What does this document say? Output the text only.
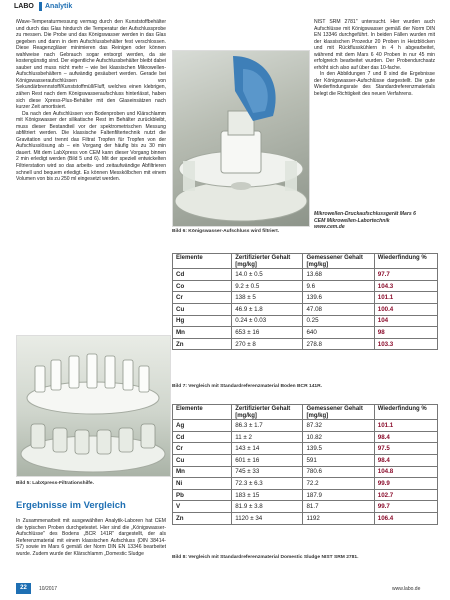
LABO Analytik

iWave-Temperaturmessung vermag durch den Kunststoffbehälter und durch das Glas hindurch die Temperatur der Aufschlussprobe zu messen. Die Probe und das Königswasser werden in das Glas gegeben und dann in dem Aufschlussbehälter fest verschlossen. Diese Reagenzgläser minimieren das Reinigen oder können wahlweise nach Gebrauch sogar entsorgt werden, da sie kostengünstig sind. Der eigentliche Aufschlussbehälter bleibt dabei sauber und muss nicht mehr – wie bei klassischen Mikrowellen-Aufschlussbehältern – aufwändig gesäubert werden. Gerade bei Königswasseraufschlüssen von Sekundärbrennstoff/Kunststoffmüll/Fluff, welches einen klebrigen, zähen Rest nach dem Königswasseraufschluss hinterlässt, haben sich diese Xpress-Plus-Behälter mit den Glaseinsätzen nach kurzer Zeit amortisiert.

Da nach den Aufschlüssen von Bodenproben und Klärschlamm mit Königswasser der silikatische Rest im Behälter zurückbleibt, muss dieser Bestandteil vor der spektrometrischen Messung abfiltriert werden. Die klassische Faltenfiltertechnik nutzt die Gravitation und trennt das Filtrat Tropfen für Tropfen von der Aufschlusslösung ab – ein Vorgang der häufig bis zu 30 min dauert. Mit dem LabXpress von CEM kann dieser Vorgang binnen 2 min erledigt werden (Bild 5 und 6). Mit der speziell entwickelten Filtrierstation wird so das arbeits- und zeitaufwändige Abfiltrieren schnell und bequem erledigt. Es können Messkölbchen mit einem Volumen von bis zu 250 ml eingesetzt werden.

Bild 6: Königswasser-Aufschluss wird filtriert.

NIST SRM 2781" untersucht. Hier wurden auch Aufschlüsse mit Königswasser gemäß der Norm DIN EN 13346 durchgeführt. In beiden Fällen wurden mit der klassischen Prozedur 20 Proben in Heizblöcken und mit Rückflusskühlern in 4 h abgearbeitet, während mit dem Mars 6 40 Proben in nur 45 min erfolgreich bearbeitet wurden. Der Probendurchsatz erhöht sich also auf über das 10-fache.

In den Abbildungen 7 und 8 sind die Ergebnisse der Königswasser-Aufschlüsse dargestellt. Die gute Wiederfindungsrate des Standardreferenzmaterials belegt die Richtigkeit des neuen Verfahrens.

Mikrowellen-Druckaufschlussgerät Mars 6
CEM Mikrowellen-Labortechnik
www.cem.de
Elemente	Zertifizierter Gehalt [mg/kg]	Gemessener Gehalt [mg/kg]	Wiederfindung %
Cd	14.0 ± 0.5	13.68	97.7
Co	9.2 ± 0.5	9.6	104.3
Cr	138 ± 5	139.6	101.1
Cu	46.9 ± 1.8	47.08	100.4
Hg	0.24 ± 0.03	0.25	104
Mn	653 ± 16	640	98
Zn	270 ± 8	278.8	103.3
Bild 7: Vergleich mit Standardreferenzmaterial Boden BCR 141R.
Elemente	Zertifizierter Gehalt [mg/kg]	Gemessener Gehalt [mg/kg]	Wiederfindung %
Ag	86.3 ± 1.7	87.32	101.1
Cd	11 ± 2	10.82	98.4
Cr	143 ± 14	139.5	97.5
Cu	601 ± 16	591	98.4
Mn	745 ± 33	780.6	104.8
Ni	72.3 ± 6.3	72.2	99.9
Pb	183 ± 15	187.9	102.7
V	81.9 ± 3.8	81.7	99.7
Zn	1120 ± 34	1192	106.4
Bild 8: Vergleich mit Standardreferenzmaterial Domestic Sludge NIST SRM 2781.
Bild 5: LabXpress-Filtrationshilfe.
Ergebnisse im Vergleich

In Zusammenarbeit mit ausgewählten Analytik-Laboren hat CEM die typischen Proben durchgetestet. Hier sind die „Königswasser-Aufschlüsse" des Bodens „BCR 141R" dargestellt, der als Referenzmaterial mit einem klassischen Aufschluss (DIN 38414-S7) sowie im Mars 6 gemäß der Norm DIN EN 13346 bearbeitet wurde. Zudem wurde der Klärschlamm „Domestic Sludge

22	10/2017	www.labo.de
